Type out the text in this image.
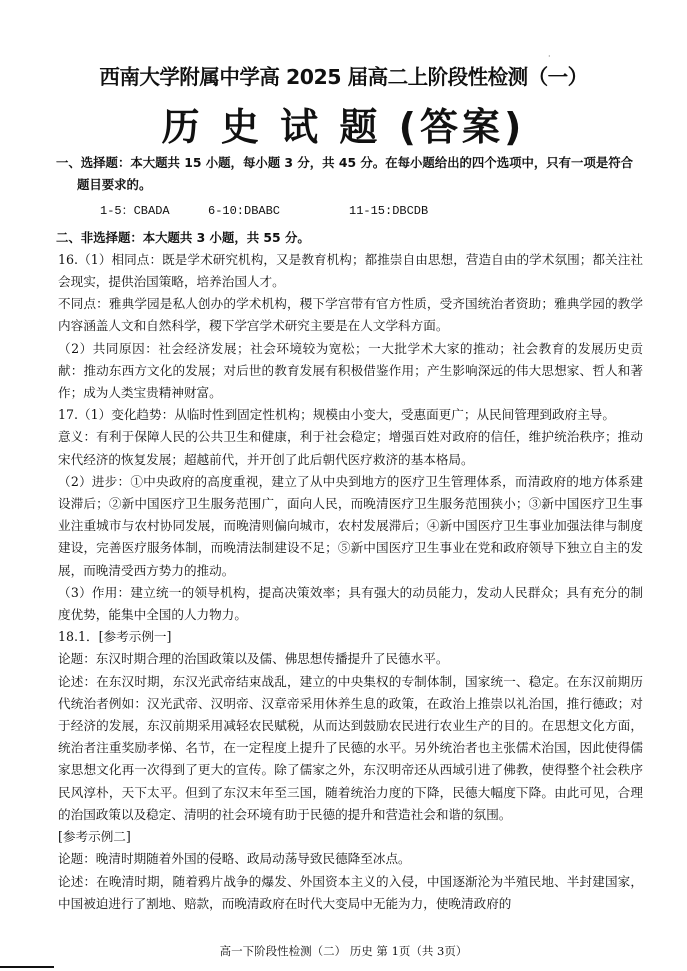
·
西南大学附属中学高 2025 届高二上阶段性检测（一）
历 史 试 题 (答案)
一、选择题：本大题共 15 小题，每小题 3 分，共 45 分。在每小题给出的四个选项中，只有一项是符合题目要求的。
1-5：CBADA	6-10:DBABC	11-15:DBCDB
二、非选择题：本大题共 3 小题，共 55 分。

16.（1）相同点：既是学术研究机构，又是教育机构；都推崇自由思想，营造自由的学术氛围；都关注社会现实，提供治国策略，培养治国人才。

不同点：雅典学园是私人创办的学术机构，稷下学宫带有官方性质，受齐国统治者资助；雅典学园的教学内容涵盖人文和自然科学，稷下学宫学术研究主要是在人文学科方面。

（2）共同原因：社会经济发展；社会环境较为宽松；一大批学术大家的推动；社会教育的发展历史贡献：推动东西方文化的发展；对后世的教育发展有积极借鉴作用；产生影响深远的伟大思想家、哲人和著作；成为人类宝贵精神财富。

17.（1）变化趋势：从临时性到固定性机构；规模由小变大，受惠面更广；从民间管理到政府主导。

意义：有利于保障人民的公共卫生和健康，利于社会稳定；增强百姓对政府的信任，维护统治秩序；推动宋代经济的恢复发展；超越前代，并开创了此后朝代医疗救济的基本格局。

（2）进步：①中央政府的高度重视，建立了从中央到地方的医疗卫生管理体系，而清政府的地方体系建设滞后；②新中国医疗卫生服务范围广，面向人民，而晚清医疗卫生服务范围狭小；③新中国医疗卫生事业注重城市与农村协同发展，而晚清则偏向城市，农村发展滞后；④新中国医疗卫生事业加强法律与制度建设，完善医疗服务体制，而晚清法制建设不足；⑤新中国医疗卫生事业在党和政府领导下独立自主的发展，而晚清受西方势力的推动。

（3）作用：建立统一的领导机构，提高决策效率；具有强大的动员能力，发动人民群众；具有充分的制度优势，能集中全国的人力物力。

18.1．[参考示例一]

论题：东汉时期合理的治国政策以及儒、佛思想传播提升了民德水平。

论述：在东汉时期，东汉光武帝结束战乱，建立的中央集权的专制体制，国家统一、稳定。在东汉前期历代统治者例如：汉光武帝、汉明帝、汉章帝采用休养生息的政策，在政治上推崇以礼治国，推行德政；对于经济的发展，东汉前期采用减轻农民赋税，从而达到鼓励农民进行农业生产的目的。在思想文化方面，统治者注重奖励孝悌、名节，在一定程度上提升了民德的水平。另外统治者也主张儒术治国，因此使得儒家思想文化再一次得到了更大的宣传。除了儒家之外，东汉明帝还从西域引进了佛教，使得整个社会秩序民风淳朴，天下太平。但到了东汉末年至三国，随着统治力度的下降，民德大幅度下降。由此可见，合理的治国政策以及稳定、清明的社会环境有助于民德的提升和营造社会和谐的氛围。

[参考示例二]

论题：晚清时期随着外国的侵略、政局动荡导致民德降至冰点。

论述：在晚清时期，随着鸦片战争的爆发、外国资本主义的入侵，中国逐渐沦为半殖民地、半封建国家，中国被迫进行了割地、赔款，而晚清政府在时代大变局中无能为力，使晚清政府的

高一下阶段性检测（二） 历史 第 1页（共 3页）
